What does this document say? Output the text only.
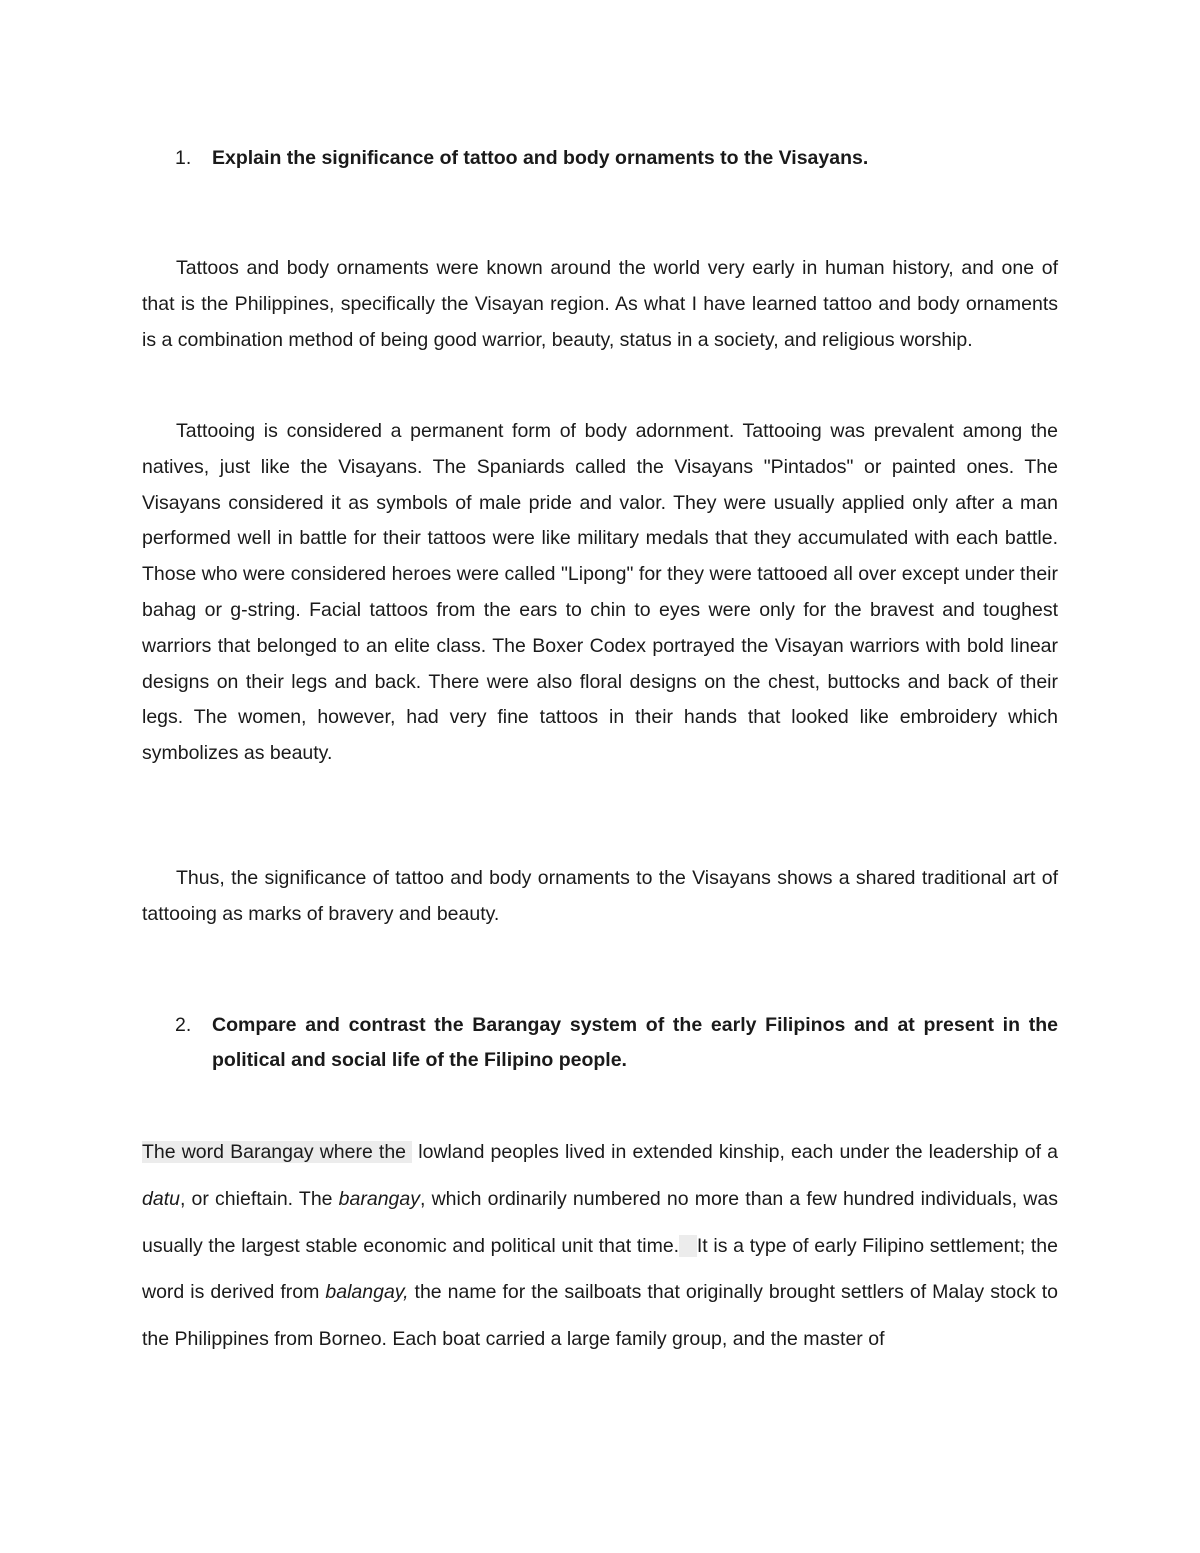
1. Explain the significance of tattoo and body ornaments to the Visayans.
Tattoos and body ornaments were known around the world very early in human history, and one of that is the Philippines, specifically the Visayan region. As what I have learned tattoo and body ornaments is a combination method of being good warrior, beauty, status in a society, and religious worship.
Tattooing is considered a permanent form of body adornment. Tattooing was prevalent among the natives, just like the Visayans. The Spaniards called the Visayans "Pintados" or painted ones. The Visayans considered it as symbols of male pride and valor. They were usually applied only after a man performed well in battle for their tattoos were like military medals that they accumulated with each battle. Those who were considered heroes were called "Lipong" for they were tattooed all over except under their bahag or g-string. Facial tattoos from the ears to chin to eyes were only for the bravest and toughest warriors that belonged to an elite class. The Boxer Codex portrayed the Visayan warriors with bold linear designs on their legs and back. There were also floral designs on the chest, buttocks and back of their legs. The women, however, had very fine tattoos in their hands that looked like embroidery which symbolizes as beauty.
Thus, the significance of tattoo and body ornaments to the Visayans shows a shared traditional art of tattooing as marks of bravery and beauty.
2. Compare and contrast the Barangay system of the early Filipinos and at present in the political and social life of the Filipino people.
The word Barangay where the lowland peoples lived in extended kinship, each under the leadership of a datu, or chieftain. The barangay, which ordinarily numbered no more than a few hundred individuals, was usually the largest stable economic and political unit that time. It is a type of early Filipino settlement; the word is derived from balangay, the name for the sailboats that originally brought settlers of Malay stock to the Philippines from Borneo. Each boat carried a large family group, and the master of
